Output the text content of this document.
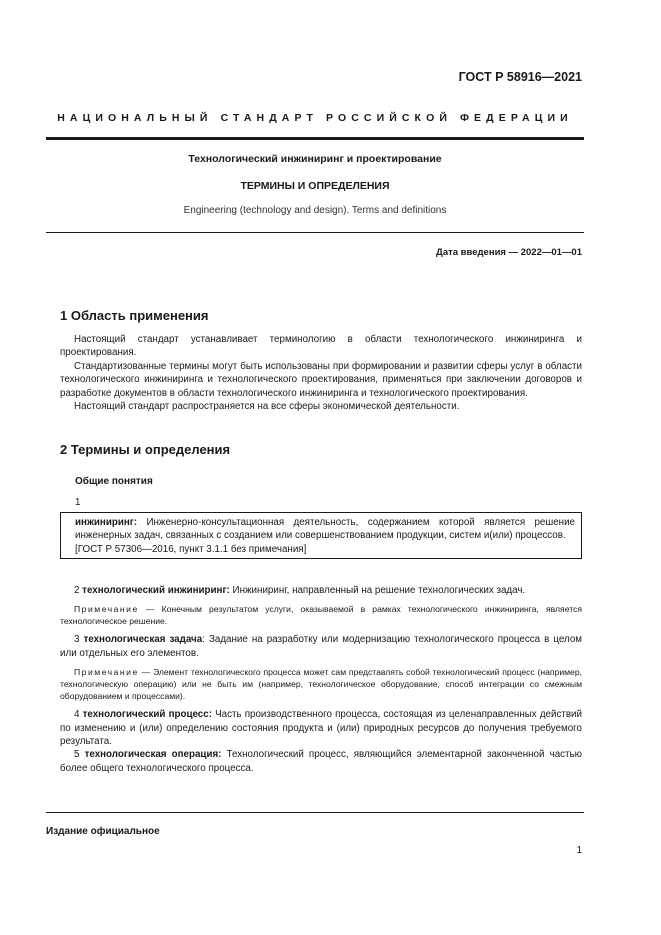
ГОСТ Р 58916—2021
НАЦИОНАЛЬНЫЙ СТАНДАРТ РОССИЙСКОЙ ФЕДЕРАЦИИ
Технологический инжиниринг и проектирование
ТЕРМИНЫ И ОПРЕДЕЛЕНИЯ
Engineering (technology and design). Terms and definitions
Дата введения — 2022—01—01
1 Область применения

Настоящий стандарт устанавливает терминологию в области технологического инжиниринга и проектирования.

Стандартизованные термины могут быть использованы при формировании и развитии сферы услуг в области технологического инжиниринга и технологического проектирования, применяться при заключении договоров и разработке документов в области технологического инжиниринга и технологического проектирования.

Настоящий стандарт распространяется на все сферы экономической деятельности.

2 Термины и определения
Общие понятия
1

инжиниринг: Инженерно-консультационная деятельность, содержанием которой является решение инженерных задач, связанных с созданием или совершенствованием продукции, систем и(или) процессов.

[ГОСТ Р 57306—2016, пункт 3.1.1 без примечания]

2 технологический инжиниринг: Инжиниринг, направленный на решение технологических задач.

Примечание — Конечным результатом услуги, оказываемой в рамках технологического инжиниринга, является технологическое решение.

3 технологическая задача: Задание на разработку или модернизацию технологического процесса в целом или отдельных его элементов.

Примечание — Элемент технологического процесса может сам представлять собой технологический процесс (например, технологическую операцию) или не быть им (например, технологическое оборудование, способ интеграции со смежным оборудованием и процессами).

4 технологический процесс: Часть производственного процесса, состоящая из целенаправленных действий по изменению и (или) определению состояния продукта и (или) природных ресурсов до получения требуемого результата.

5 технологическая операция: Технологический процесс, являющийся элементарной законченной частью более общего технологического процесса.

Издание официальное
1
